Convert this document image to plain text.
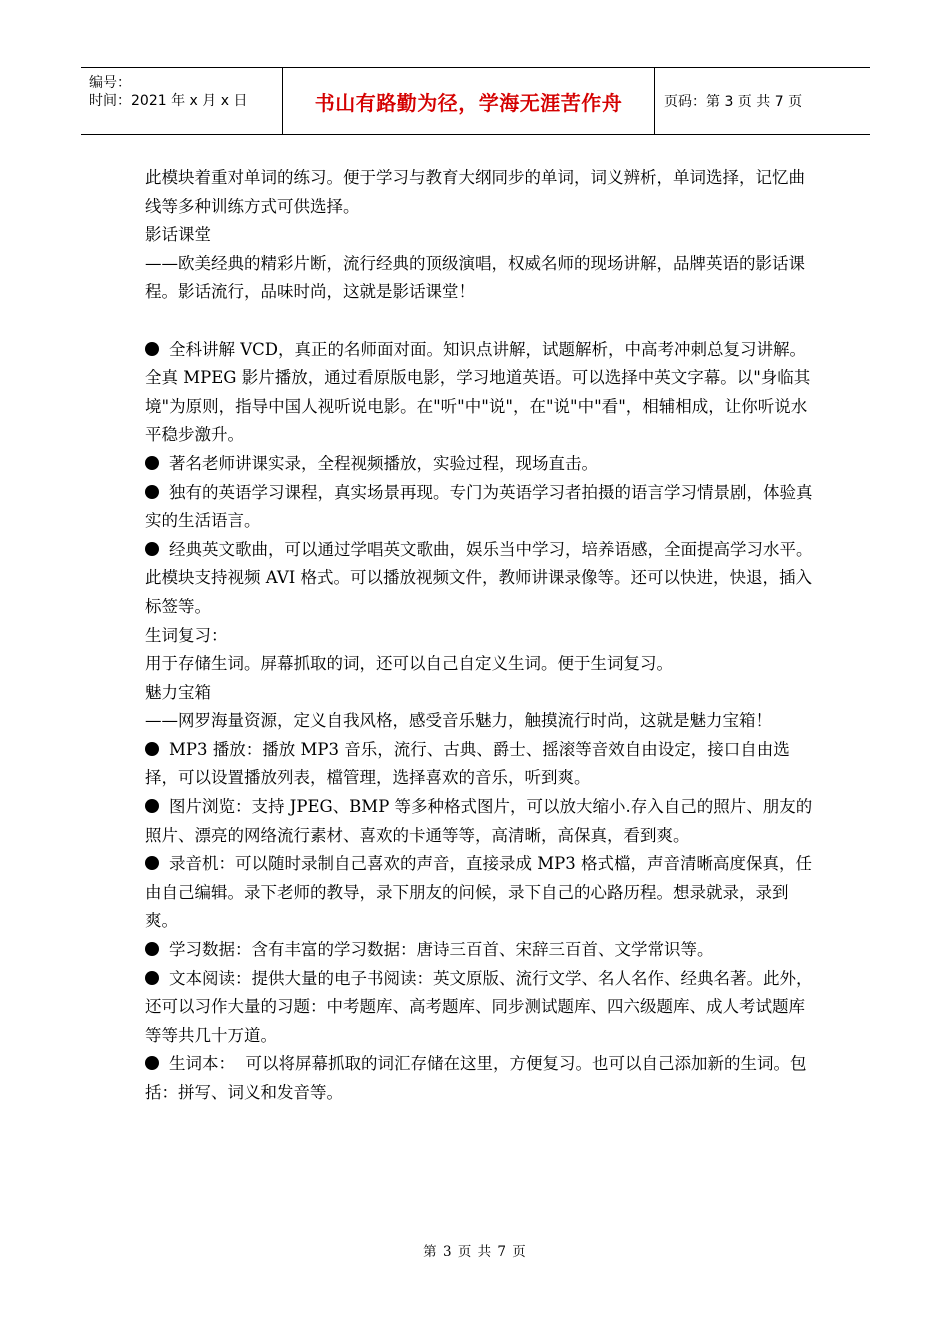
编号：
时间：2021 年 x 月 x 日	书山有路勤为径，学海无涯苦作舟	页码：第 3 页 共 7 页

此模块着重对单词的练习。便于学习与教育大纲同步的单词，词义辨析，单词选择，记忆曲线等多种训练方式可供选择。

影话课堂

——欧美经典的精彩片断，流行经典的顶级演唱，权威名师的现场讲解，品牌英语的影话课程。影话流行，品味时尚，这就是影话课堂！

全科讲解 VCD，真正的名师面对面。知识点讲解，试题解析，中高考冲刺总复习讲解。

全真 MPEG 影片播放，通过看原版电影，学习地道英语。可以选择中英文字幕。以"身临其境"为原则，指导中国人视听说电影。在"听"中"说"，在"说"中"看"，相辅相成，让你听说水平稳步激升。

著名老师讲课实录，全程视频播放，实验过程，现场直击。

独有的英语学习课程，真实场景再现。专门为英语学习者拍摄的语言学习情景剧，体验真实的生活语言。

经典英文歌曲，可以通过学唱英文歌曲，娱乐当中学习，培养语感，全面提高学习水平。

此模块支持视频 AVI 格式。可以播放视频文件，教师讲课录像等。还可以快进，快退，插入标签等。

生词复习：

用于存储生词。屏幕抓取的词，还可以自己自定义生词。便于生词复习。

魅力宝箱

——网罗海量资源，定义自我风格，感受音乐魅力，触摸流行时尚，这就是魅力宝箱！

MP3 播放：播放 MP3 音乐，流行、古典、爵士、摇滚等音效自由设定，接口自由选择，可以设置播放列表，檔管理，选择喜欢的音乐，听到爽。

图片浏览：支持 JPEG、BMP 等多种格式图片，可以放大缩小.存入自己的照片、朋友的照片、漂亮的网络流行素材、喜欢的卡通等等，高清晰，高保真，看到爽。

录音机：可以随时录制自己喜欢的声音，直接录成 MP3 格式檔，声音清晰高度保真，任由自己编辑。录下老师的教导，录下朋友的问候，录下自己的心路历程。想录就录，录到爽。

学习数据：含有丰富的学习数据：唐诗三百首、宋辞三百首、文学常识等。

文本阅读：提供大量的电子书阅读：英文原版、流行文学、名人名作、经典名著。此外，还可以习作大量的习题：中考题库、高考题库、同步测试题库、四六级题库、成人考试题库等等共几十万道。

生词本：  可以将屏幕抓取的词汇存储在这里，方便复习。也可以自己添加新的生词。包括：拼写、词义和发音等。

第 3 页 共 7 页
